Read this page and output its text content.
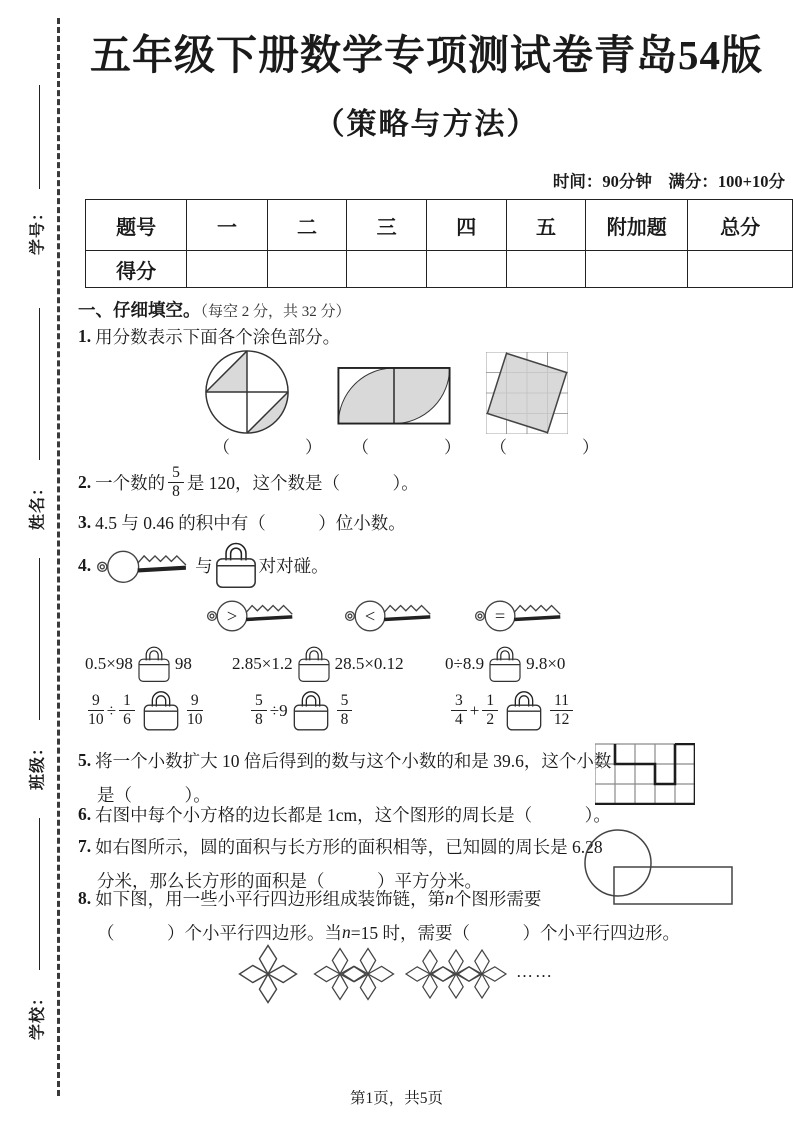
学号：
姓名：
班级：
学校：
五年级下册数学专项测试卷青岛54版
（策略与方法）
时间：90分钟　满分：100+10分
题号	一	二	三	四	五	附加题	总分
得分							
一、仔细填空。（每空 2 分，共 32 分）
1. 用分数表示下面各个涂色部分。
（　　　） （　　　） （　　　）
2. 一个数的 $\frac{5}{8}$ 是 120，这个数是（　　　）。
3. 4.5 与 0.46 的积中有（　　　）位小数。
4.	与	对对碰。
>	<	=
0.5×98 98 2.85×1.2 28.5×0.12 0÷8.9 9.8×0
$\frac{9}{10} \div \frac{1}{6}$	$\frac{9}{10}$	$\frac{5}{8} \div 9$	$\frac{5}{8}$	$\frac{3}{4} + \frac{1}{2}$	$\frac{11}{12}$
5. 将一个小数扩大 10 倍后得到的数与这个小数的和是 39.6，这个小数
是（　　　）。
6. 右图中每个小方格的边长都是 1cm，这个图形的周长是（　　　）。
7. 如右图所示，圆的面积与长方形的面积相等，已知圆的周长是 6.28
分米，那么长方形的面积是（　　　）平方分米。
8. 如下图，用一些小平行四边形组成装饰链，第 n 个图形需要
（　　　）个小平行四边形。当 n =15 时，需要（　　　）个小平行四边形。
……
第1页，共5页
